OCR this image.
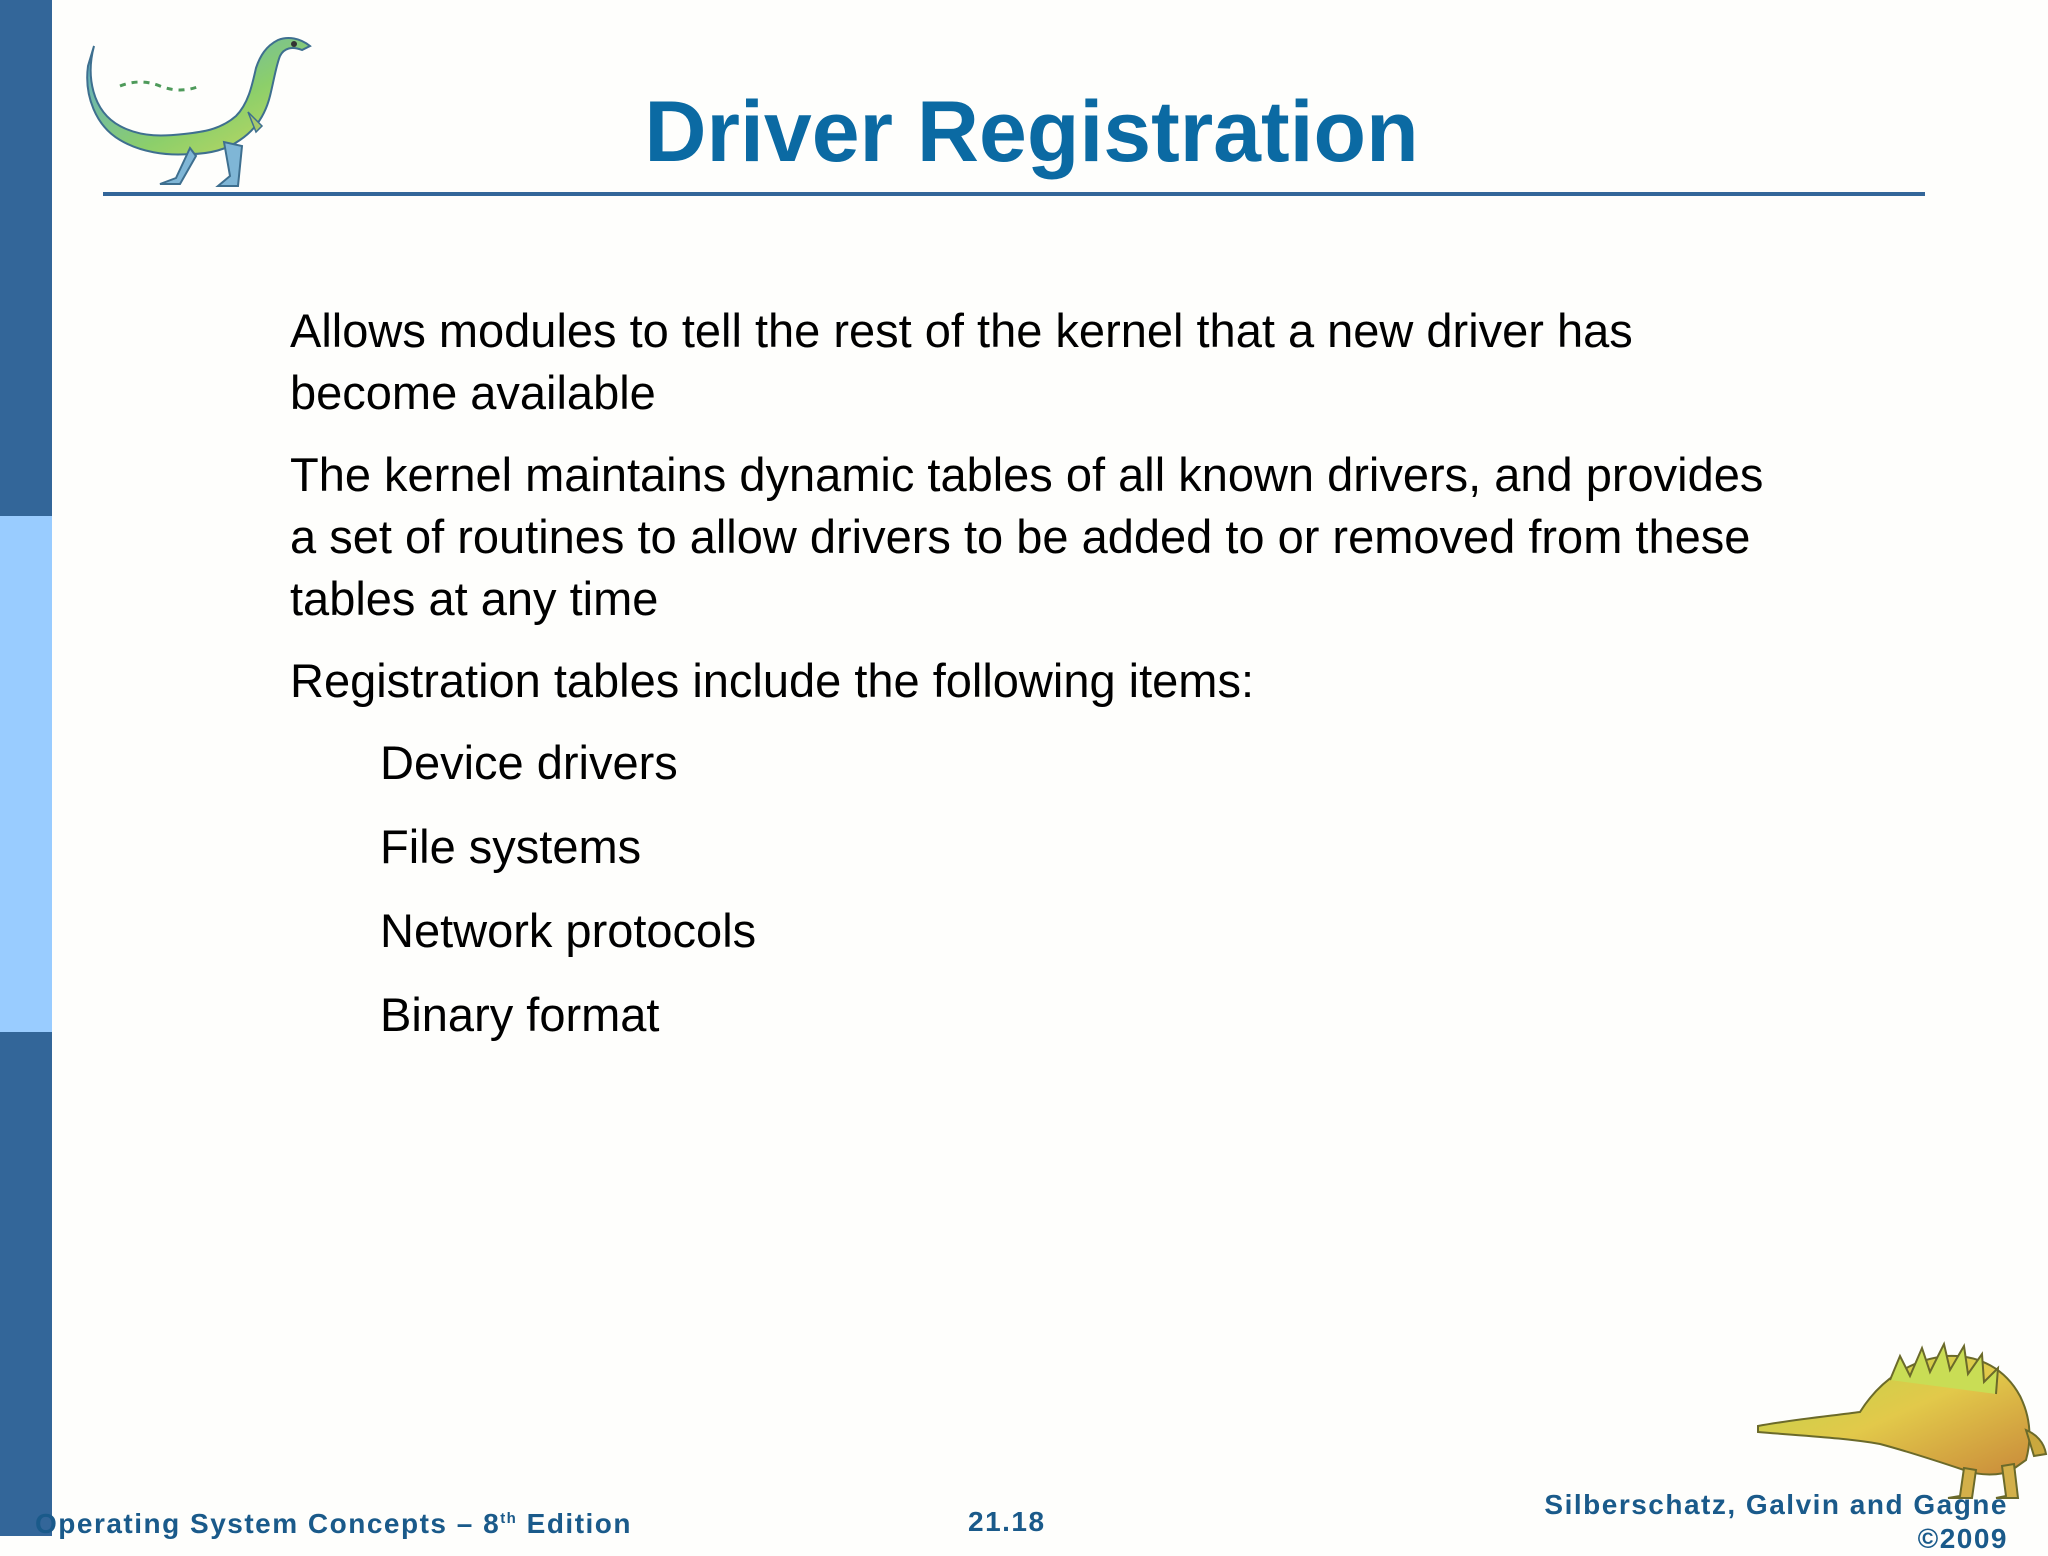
Driver Registration

Allows modules to tell the rest of the kernel that a new driver has become available

The kernel maintains dynamic tables of all known drivers, and provides a set of routines to allow drivers to be added to or removed from these tables at any time

Registration tables include the following items:

Device drivers

File systems

Network protocols

Binary format

Operating System Concepts – 8th Edition	21.18
Silberschatz, Galvin and Gagne ©2009
